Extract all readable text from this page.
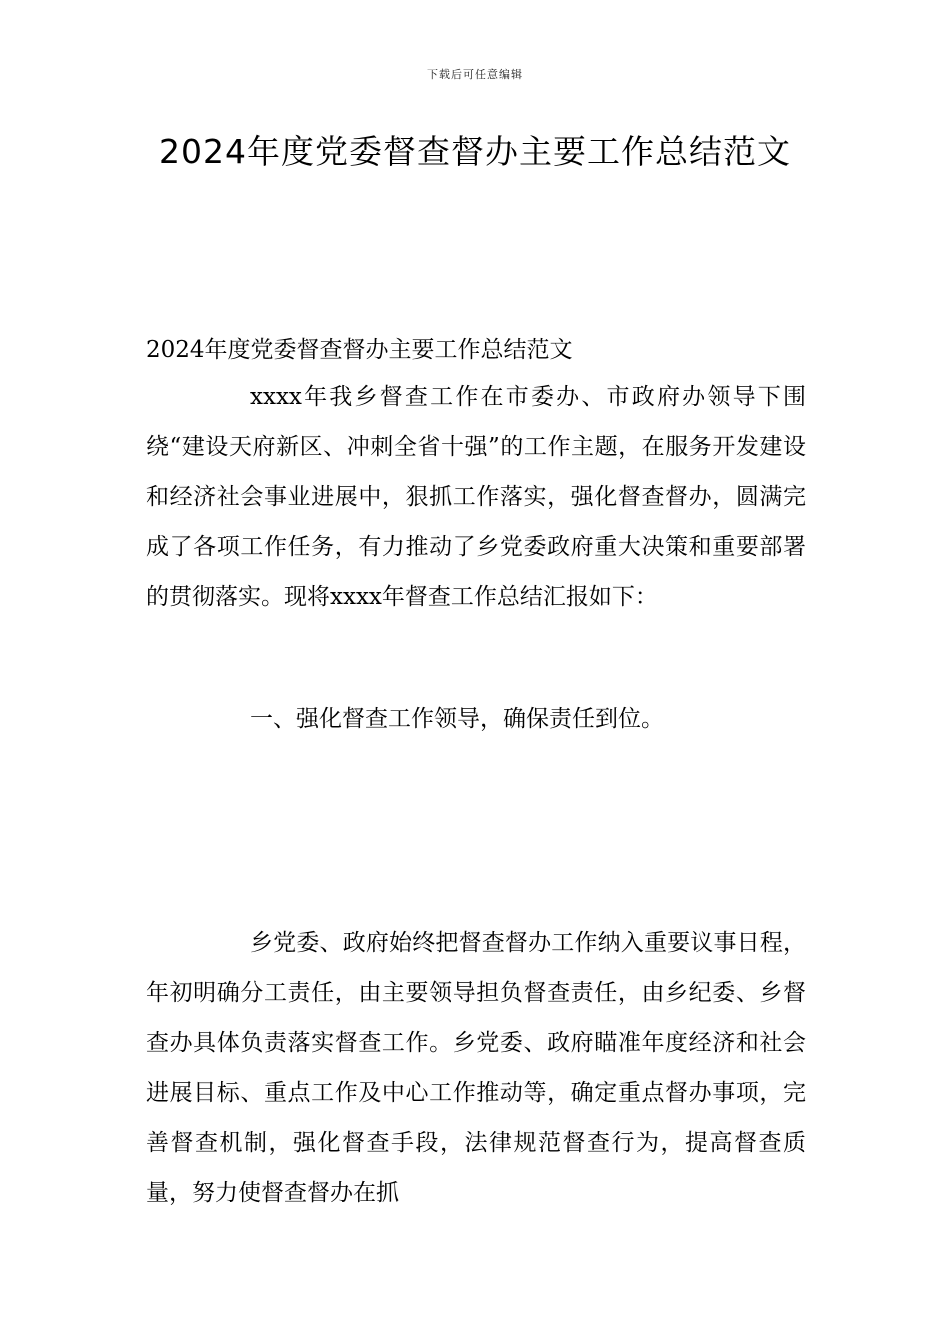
下载后可任意编辑
2024年度党委督查督办主要工作总结范文
2024年度党委督查督办主要工作总结范文

xxxx年我乡督查工作在市委办、市政府办领导下围绕“建设天府新区、冲刺全省十强”的工作主题，在服务开发建设和经济社会事业进展中，狠抓工作落实，强化督查督办，圆满完成了各项工作任务，有力推动了乡党委政府重大决策和重要部署的贯彻落实。现将xxxx年督查工作总结汇报如下：

一、强化督查工作领导，确保责任到位。

乡党委、政府始终把督查督办工作纳入重要议事日程，年初明确分工责任，由主要领导担负督查责任，由乡纪委、乡督查办具体负责落实督查工作。乡党委、政府瞄准年度经济和社会进展目标、重点工作及中心工作推动等，确定重点督办事项，完善督查机制，强化督查手段，法律规范督查行为，提高督查质量，努力使督查督办在抓
